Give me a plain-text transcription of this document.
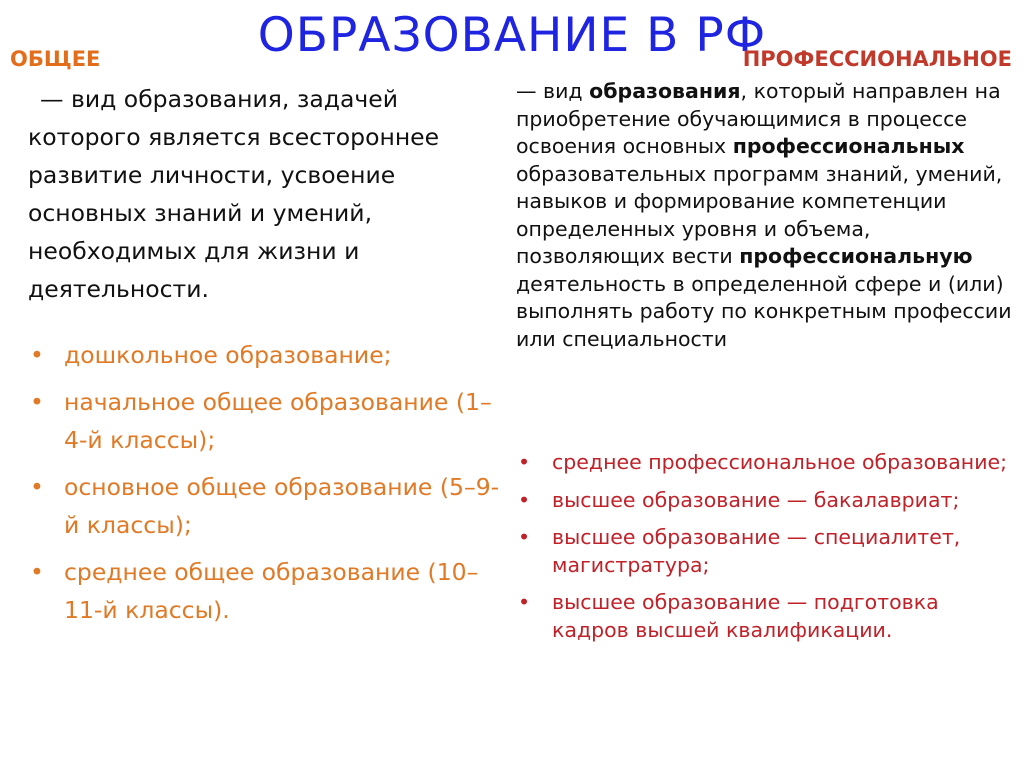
ОБРАЗОВАНИЕ В РФ
ОБЩЕЕ	ПРОФЕССИОНАЛЬНОЕ
— вид образования, задачей которого является всестороннее развитие личности, усвоение основных знаний и умений, необходимых для жизни и деятельности.
• дошкольное образование;
• начальное общее образование (1–4-й классы);
• основное общее образование (5–9-й классы);
• среднее общее образование (10–11-й классы).
— вид образования, который направлен на приобретение обучающимися в процессе освоения основных профессиональных образовательных программ знаний, умений, навыков и формирование компетенции определенных уровня и объема, позволяющих вести профессиональную деятельность в определенной сфере и (или) выполнять работу по конкретным профессии или специальности
• среднее профессиональное образование;
• высшее образование — бакалавриат;
• высшее образование — специалитет, магистратура;
• высшее образование — подготовка кадров высшей квалификации.
